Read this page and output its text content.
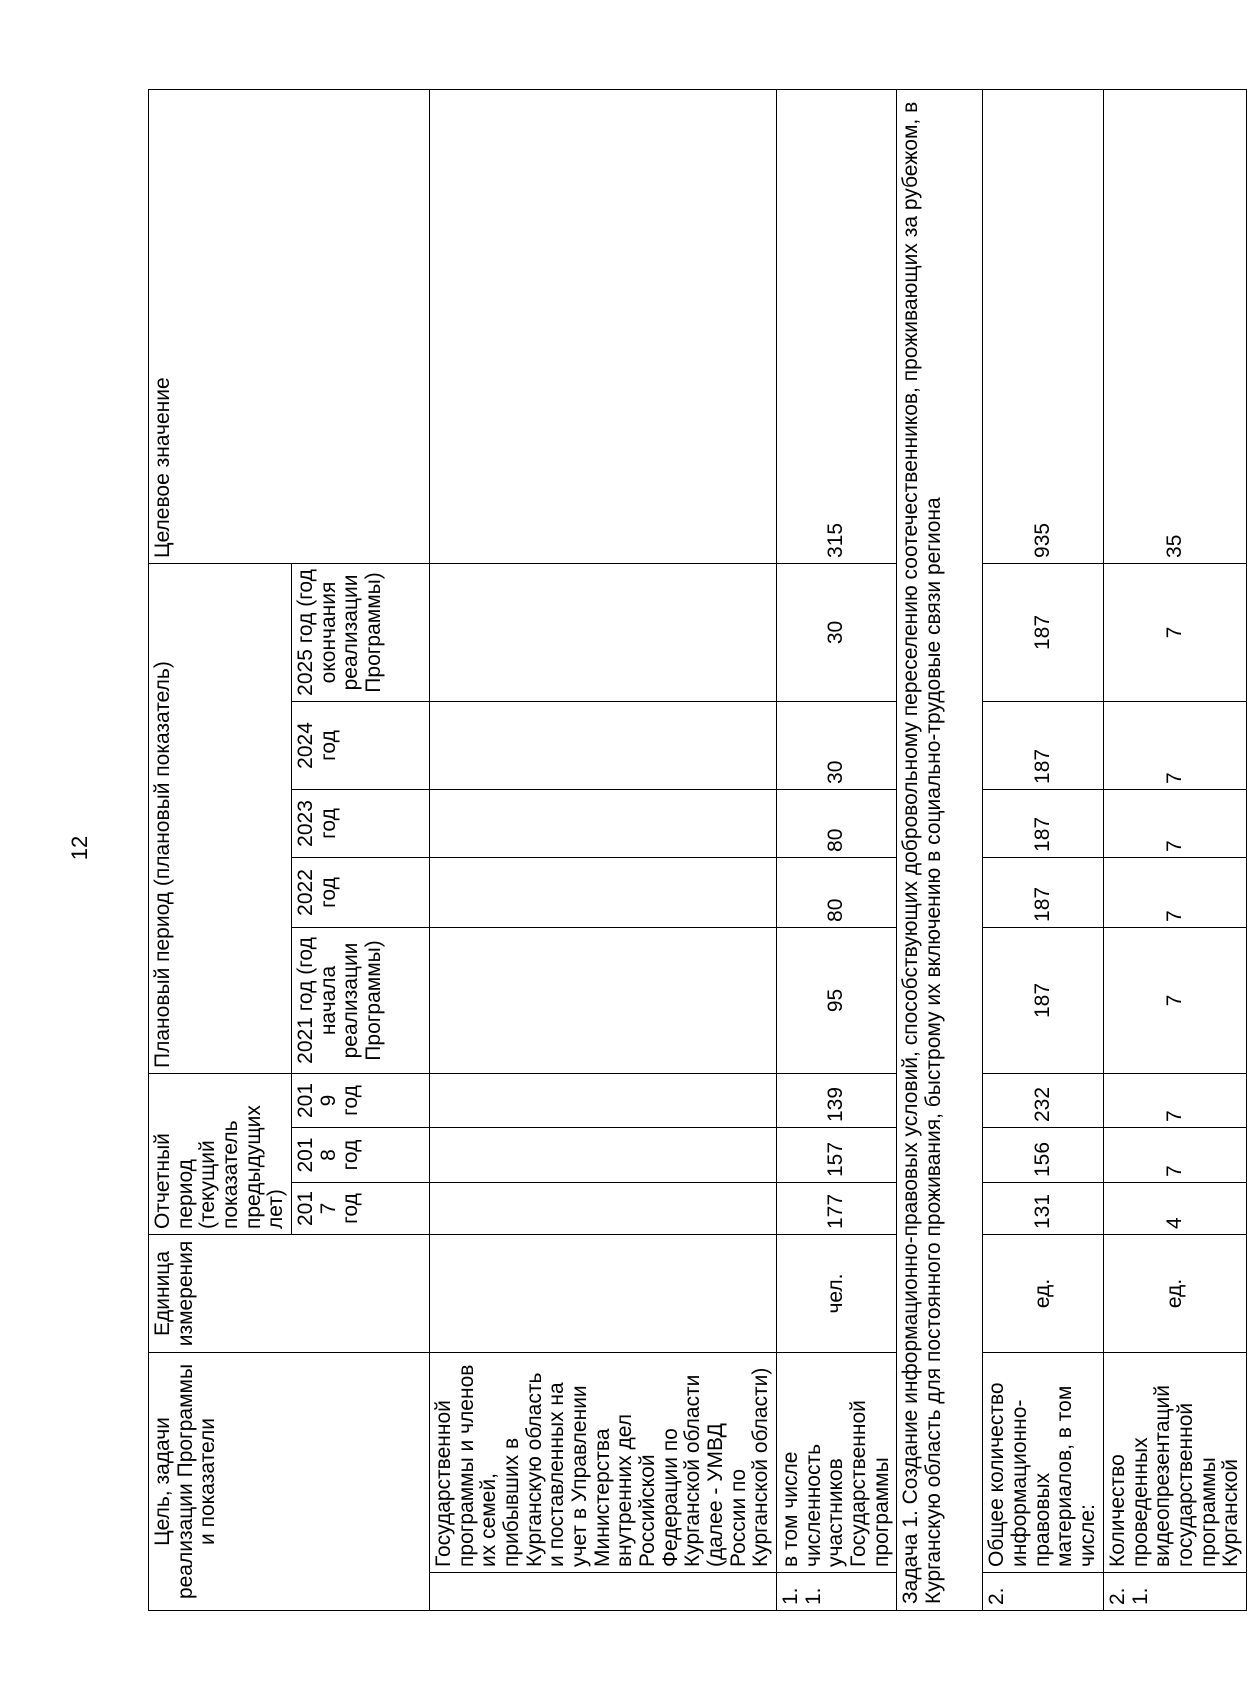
12
Цель, задачи реализации Программы и показатели		Единица измерения	Отчетный период (текущий показатель предыдущих лет)			Плановый период (плановый показатель)					Целевое значение
			2017 год	2018 год	2019 год	2021 год (год начала реализации Программы)	2022 год	2023 год	2024 год	2025 год (год окончания реализации Программы)	
	Государственной программы и членов их семей, прибывших в Курганскую область и поставленных на учет в Управлении Министерства внутренних дел Российской Федерации по Курганской области (далее - УМВД России по Курганской области)										
1.1.	в том числе численность участников Государственной программы	чел.	177	157	139	95	80	80	30	30	315
Задача 1. Создание информационно-правовых условий, способствующих добровольному переселению соотечественников, проживающих за рубежом, в Курганскую область для постоянного проживания, быстрому их включению в социально-трудовые связи региона											
2.	Общее количество информационно-правовых материалов, в том числе:	ед.	131	156	232	187	187	187	187	187	935
2.1.	Количество проведенных видеопрезентаций государственной программы Курганской	ед.	4	7	7	7	7	7	7	7	35
